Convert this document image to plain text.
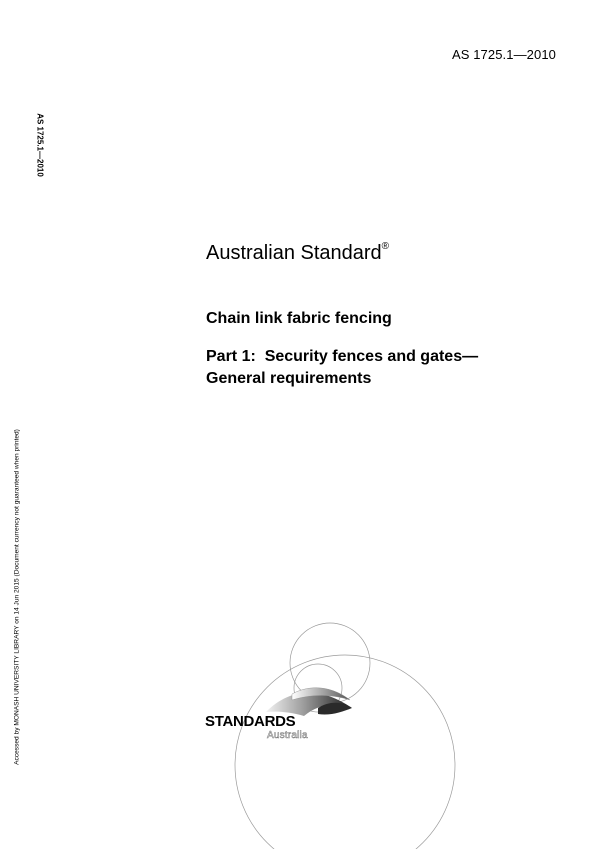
AS 1725.1—2010
AS 1725.1—2010
Accessed by MONASH UNIVERSITY LIBRARY on 14 Jun 2015 (Document currency not guaranteed when printed)
Australian Standard®
Chain link fabric fencing
Part 1:  Security fences and gates—
General requirements
STANDARDS
Australia
